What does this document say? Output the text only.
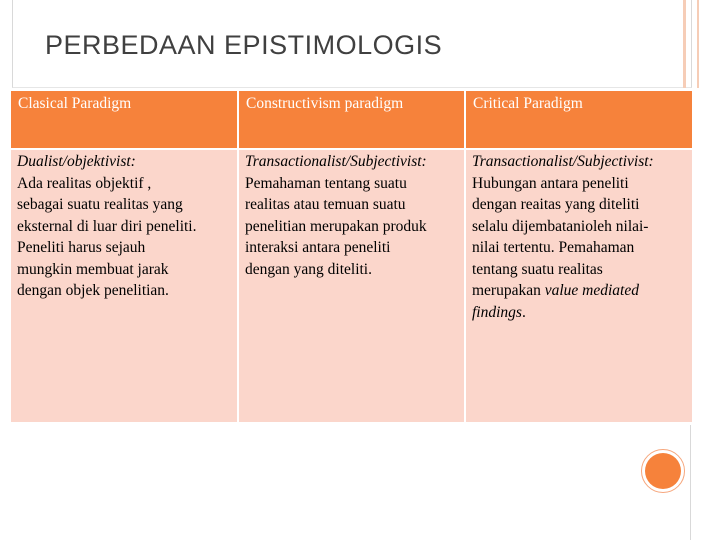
PERBEDAAN EPISTIMOLOGIS
Clasical Paradigm	Constructivism paradigm	Critical Paradigm
Dualist/objektivist:
Ada realitas objektif ,
sebagai suatu realitas yang
eksternal di luar diri peneliti.
Peneliti harus sejauh
mungkin membuat jarak
dengan objek penelitian.
Transactionalist/Subjectivist:
Pemahaman tentang suatu
realitas atau temuan suatu
penelitian merupakan produk
interaksi antara peneliti
dengan yang diteliti.
Transactionalist/Subjectivist:
Hubungan antara peneliti
dengan reaitas yang diteliti
selalu dijembatanioleh nilai-
nilai tertentu. Pemahaman
tentang suatu realitas
merupakan value mediated
findings.
